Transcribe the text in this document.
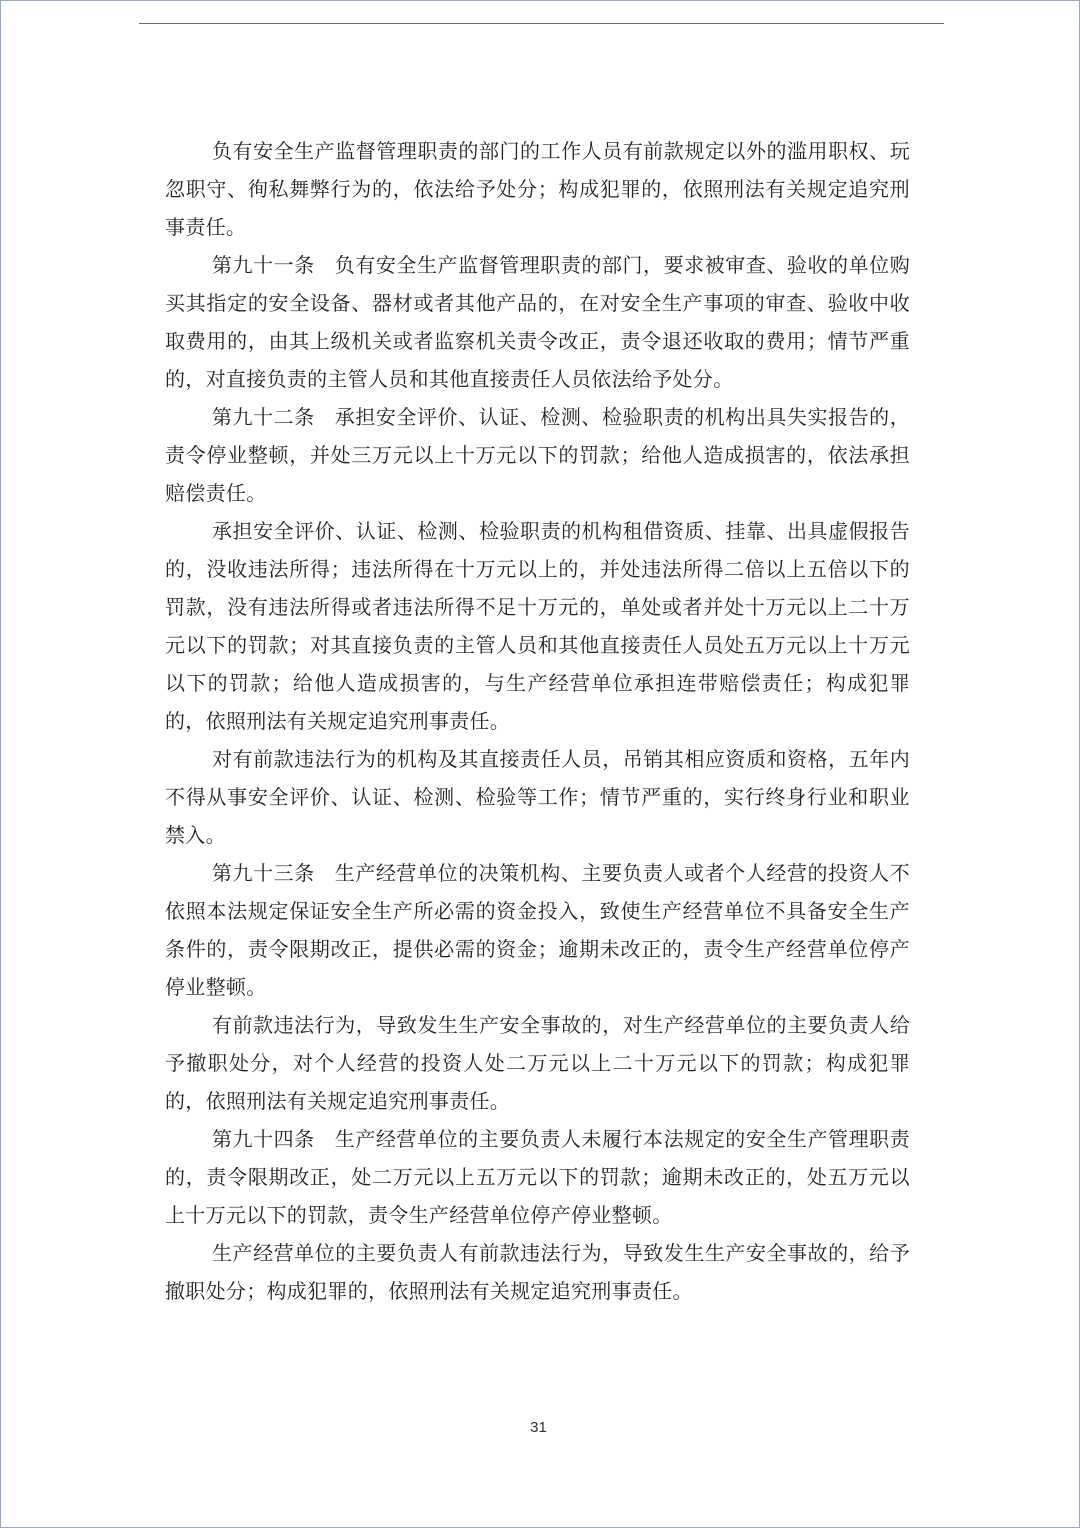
负有安全生产监督管理职责的部门的工作人员有前款规定以外的滥用职权、玩忽职守、徇私舞弊行为的，依法给予处分；构成犯罪的，依照刑法有关规定追究刑事责任。

第九十一条 负有安全生产监督管理职责的部门，要求被审查、验收的单位购买其指定的安全设备、器材或者其他产品的，在对安全生产事项的审查、验收中收取费用的，由其上级机关或者监察机关责令改正，责令退还收取的费用；情节严重的，对直接负责的主管人员和其他直接责任人员依法给予处分。

第九十二条 承担安全评价、认证、检测、检验职责的机构出具失实报告的，责令停业整顿，并处三万元以上十万元以下的罚款；给他人造成损害的，依法承担赔偿责任。

承担安全评价、认证、检测、检验职责的机构租借资质、挂靠、出具虚假报告的，没收违法所得；违法所得在十万元以上的，并处违法所得二倍以上五倍以下的罚款，没有违法所得或者违法所得不足十万元的，单处或者并处十万元以上二十万元以下的罚款；对其直接负责的主管人员和其他直接责任人员处五万元以上十万元以下的罚款；给他人造成损害的，与生产经营单位承担连带赔偿责任；构成犯罪的，依照刑法有关规定追究刑事责任。

对有前款违法行为的机构及其直接责任人员，吊销其相应资质和资格，五年内不得从事安全评价、认证、检测、检验等工作；情节严重的，实行终身行业和职业禁入。

第九十三条 生产经营单位的决策机构、主要负责人或者个人经营的投资人不依照本法规定保证安全生产所必需的资金投入，致使生产经营单位不具备安全生产条件的，责令限期改正，提供必需的资金；逾期未改正的，责令生产经营单位停产停业整顿。

有前款违法行为，导致发生生产安全事故的，对生产经营单位的主要负责人给予撤职处分，对个人经营的投资人处二万元以上二十万元以下的罚款；构成犯罪的，依照刑法有关规定追究刑事责任。

第九十四条 生产经营单位的主要负责人未履行本法规定的安全生产管理职责的，责令限期改正，处二万元以上五万元以下的罚款；逾期未改正的，处五万元以上十万元以下的罚款，责令生产经营单位停产停业整顿。

生产经营单位的主要负责人有前款违法行为，导致发生生产安全事故的，给予撤职处分；构成犯罪的，依照刑法有关规定追究刑事责任。

31
